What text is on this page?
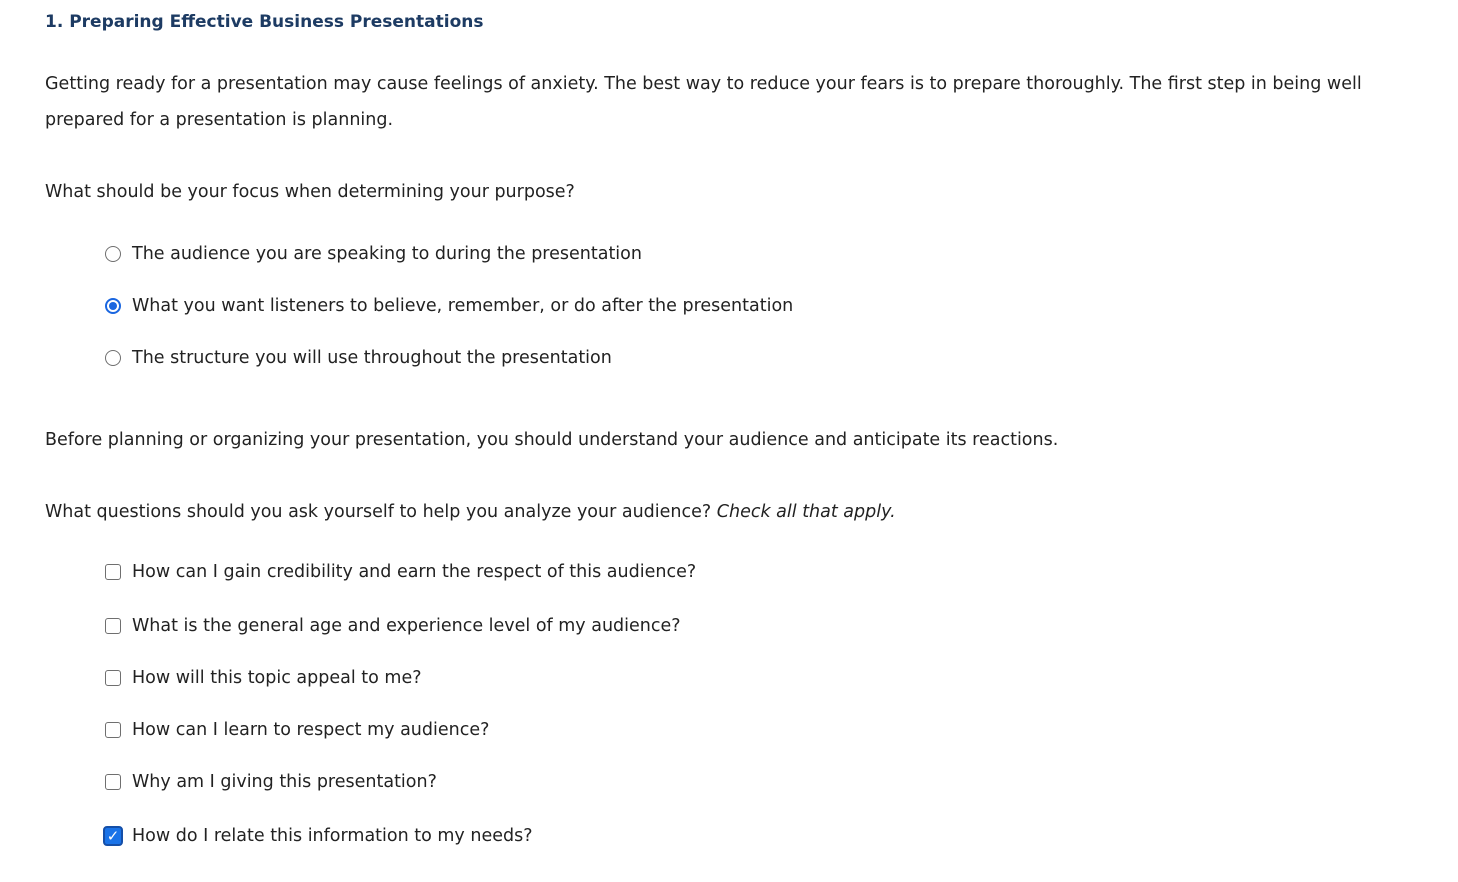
1. Preparing Effective Business Presentations

Getting ready for a presentation may cause feelings of anxiety. The best way to reduce your fears is to prepare thoroughly. The first step in being well prepared for a presentation is planning.

What should be your focus when determining your purpose?

The audience you are speaking to during the presentation
What you want listeners to believe, remember, or do after the presentation
The structure you will use throughout the presentation

Before planning or organizing your presentation, you should understand your audience and anticipate its reactions.

What questions should you ask yourself to help you analyze your audience? Check all that apply.

How can I gain credibility and earn the respect of this audience?
What is the general age and experience level of my audience?
How will this topic appeal to me?
How can I learn to respect my audience?
Why am I giving this presentation?
✓ How do I relate this information to my needs?
